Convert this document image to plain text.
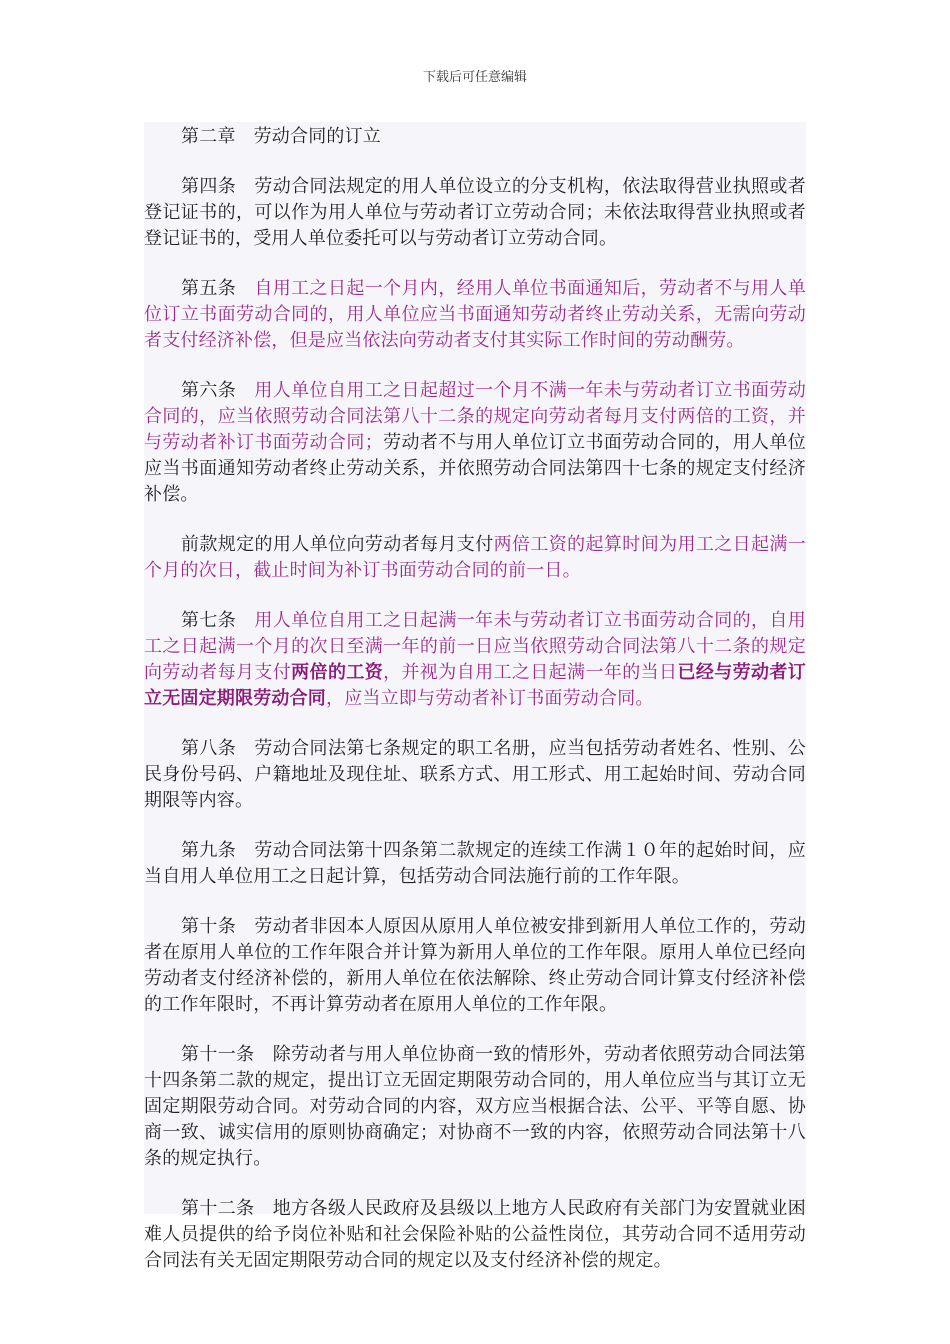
下载后可任意编辑

第二章 劳动合同的订立

第四条 劳动合同法规定的用人单位设立的分支机构，依法取得营业执照或者登记证书的，可以作为用人单位与劳动者订立劳动合同；未依法取得营业执照或者登记证书的，受用人单位委托可以与劳动者订立劳动合同。

第五条 自用工之日起一个月内，经用人单位书面通知后，劳动者不与用人单位订立书面劳动合同的，用人单位应当书面通知劳动者终止劳动关系，无需向劳动者支付经济补偿，但是应当依法向劳动者支付其实际工作时间的劳动酬劳。

第六条 用人单位自用工之日起超过一个月不满一年未与劳动者订立书面劳动合同的，应当依照劳动合同法第八十二条的规定向劳动者每月支付两倍的工资，并与劳动者补订书面劳动合同；劳动者不与用人单位订立书面劳动合同的，用人单位应当书面通知劳动者终止劳动关系，并依照劳动合同法第四十七条的规定支付经济补偿。

前款规定的用人单位向劳动者每月支付两倍工资的起算时间为用工之日起满一个月的次日，截止时间为补订书面劳动合同的前一日。

第七条 用人单位自用工之日起满一年未与劳动者订立书面劳动合同的，自用工之日起满一个月的次日至满一年的前一日应当依照劳动合同法第八十二条的规定向劳动者每月支付两倍的工资，并视为自用工之日起满一年的当日已经与劳动者订立无固定期限劳动合同，应当立即与劳动者补订书面劳动合同。

第八条 劳动合同法第七条规定的职工名册，应当包括劳动者姓名、性别、公民身份号码、户籍地址及现住址、联系方式、用工形式、用工起始时间、劳动合同期限等内容。

第九条 劳动合同法第十四条第二款规定的连续工作满１０年的起始时间，应当自用人单位用工之日起计算，包括劳动合同法施行前的工作年限。

第十条 劳动者非因本人原因从原用人单位被安排到新用人单位工作的，劳动者在原用人单位的工作年限合并计算为新用人单位的工作年限。原用人单位已经向劳动者支付经济补偿的，新用人单位在依法解除、终止劳动合同计算支付经济补偿的工作年限时，不再计算劳动者在原用人单位的工作年限。

第十一条 除劳动者与用人单位协商一致的情形外，劳动者依照劳动合同法第十四条第二款的规定，提出订立无固定期限劳动合同的，用人单位应当与其订立无固定期限劳动合同。对劳动合同的内容，双方应当根据合法、公平、平等自愿、协商一致、诚实信用的原则协商确定；对协商不一致的内容，依照劳动合同法第十八条的规定执行。

第十二条 地方各级人民政府及县级以上地方人民政府有关部门为安置就业困难人员提供的给予岗位补贴和社会保险补贴的公益性岗位，其劳动合同不适用劳动合同法有关无固定期限劳动合同的规定以及支付经济补偿的规定。
